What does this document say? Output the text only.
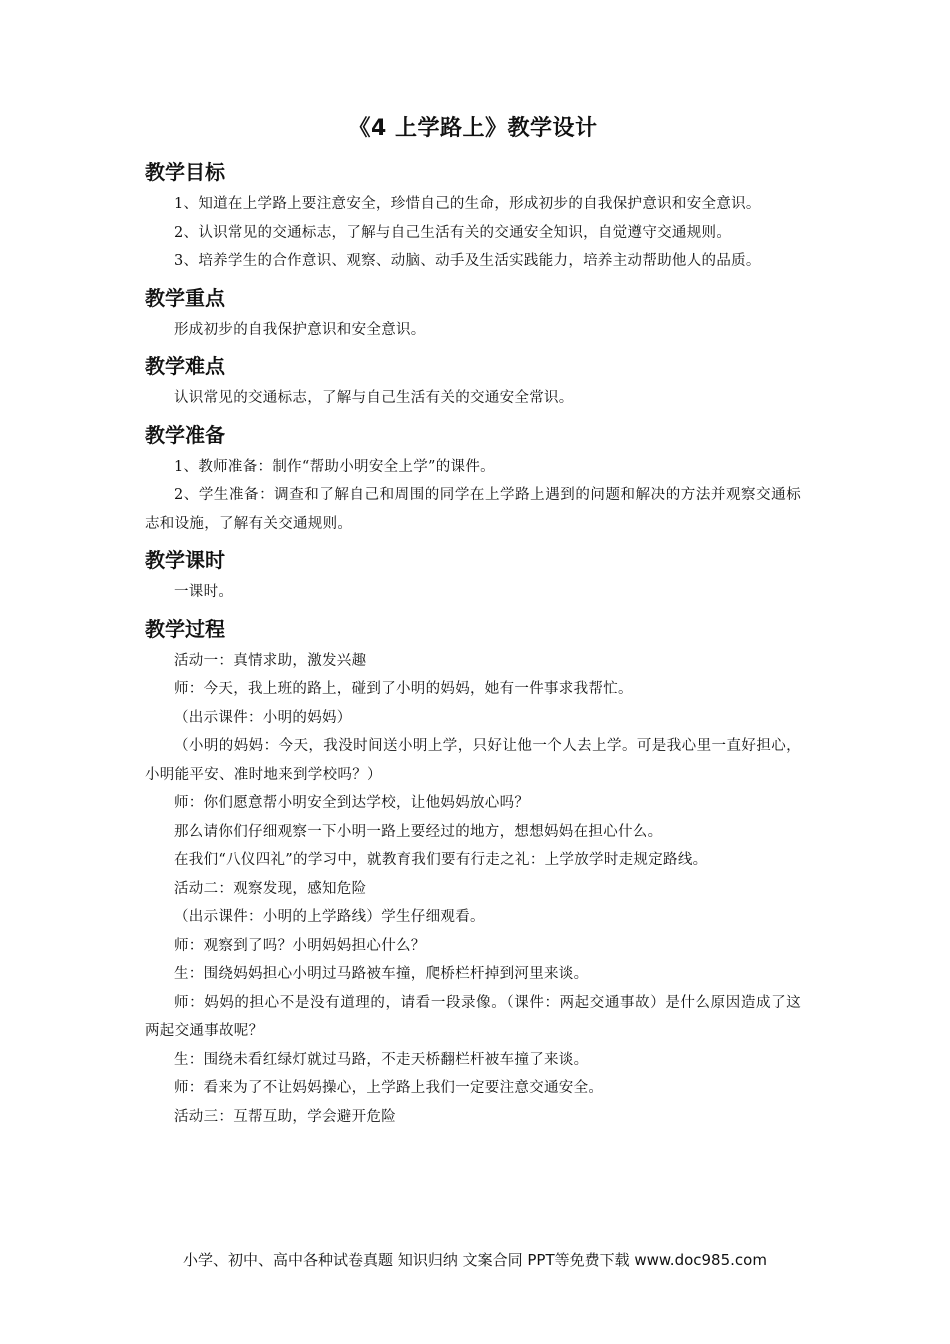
《4 上学路上》教学设计
教学目标

1、知道在上学路上要注意安全，珍惜自己的生命，形成初步的自我保护意识和安全意识。

2、认识常见的交通标志，了解与自己生活有关的交通安全知识，自觉遵守交通规则。

3、培养学生的合作意识、观察、动脑、动手及生活实践能力，培养主动帮助他人的品质。

教学重点

形成初步的自我保护意识和安全意识。

教学难点

认识常见的交通标志，了解与自己生活有关的交通安全常识。

教学准备

1、教师准备：制作“帮助小明安全上学”的课件。

2、学生准备：调查和了解自己和周围的同学在上学路上遇到的问题和解决的方法并观察交通标志和设施，了解有关交通规则。

教学课时

一课时。

教学过程

活动一：真情求助，激发兴趣

师：今天，我上班的路上，碰到了小明的妈妈，她有一件事求我帮忙。

（出示课件：小明的妈妈）

（小明的妈妈：今天，我没时间送小明上学，只好让他一个人去上学。可是我心里一直好担心，小明能平安、准时地来到学校吗？）

师：你们愿意帮小明安全到达学校，让他妈妈放心吗？

那么请你们仔细观察一下小明一路上要经过的地方，想想妈妈在担心什么。

在我们“八仪四礼”的学习中，就教育我们要有行走之礼：上学放学时走规定路线。

活动二：观察发现，感知危险

（出示课件：小明的上学路线）学生仔细观看。

师：观察到了吗？小明妈妈担心什么？

生：围绕妈妈担心小明过马路被车撞，爬桥栏杆掉到河里来谈。

师：妈妈的担心不是没有道理的，请看一段录像。（课件：两起交通事故）是什么原因造成了这两起交通事故呢？

生：围绕未看红绿灯就过马路，不走天桥翻栏杆被车撞了来谈。

师：看来为了不让妈妈操心，上学路上我们一定要注意交通安全。

活动三：互帮互助，学会避开危险

小学、初中、高中各种试卷真题 知识归纳 文案合同 PPT等免费下载 www.doc985.com
